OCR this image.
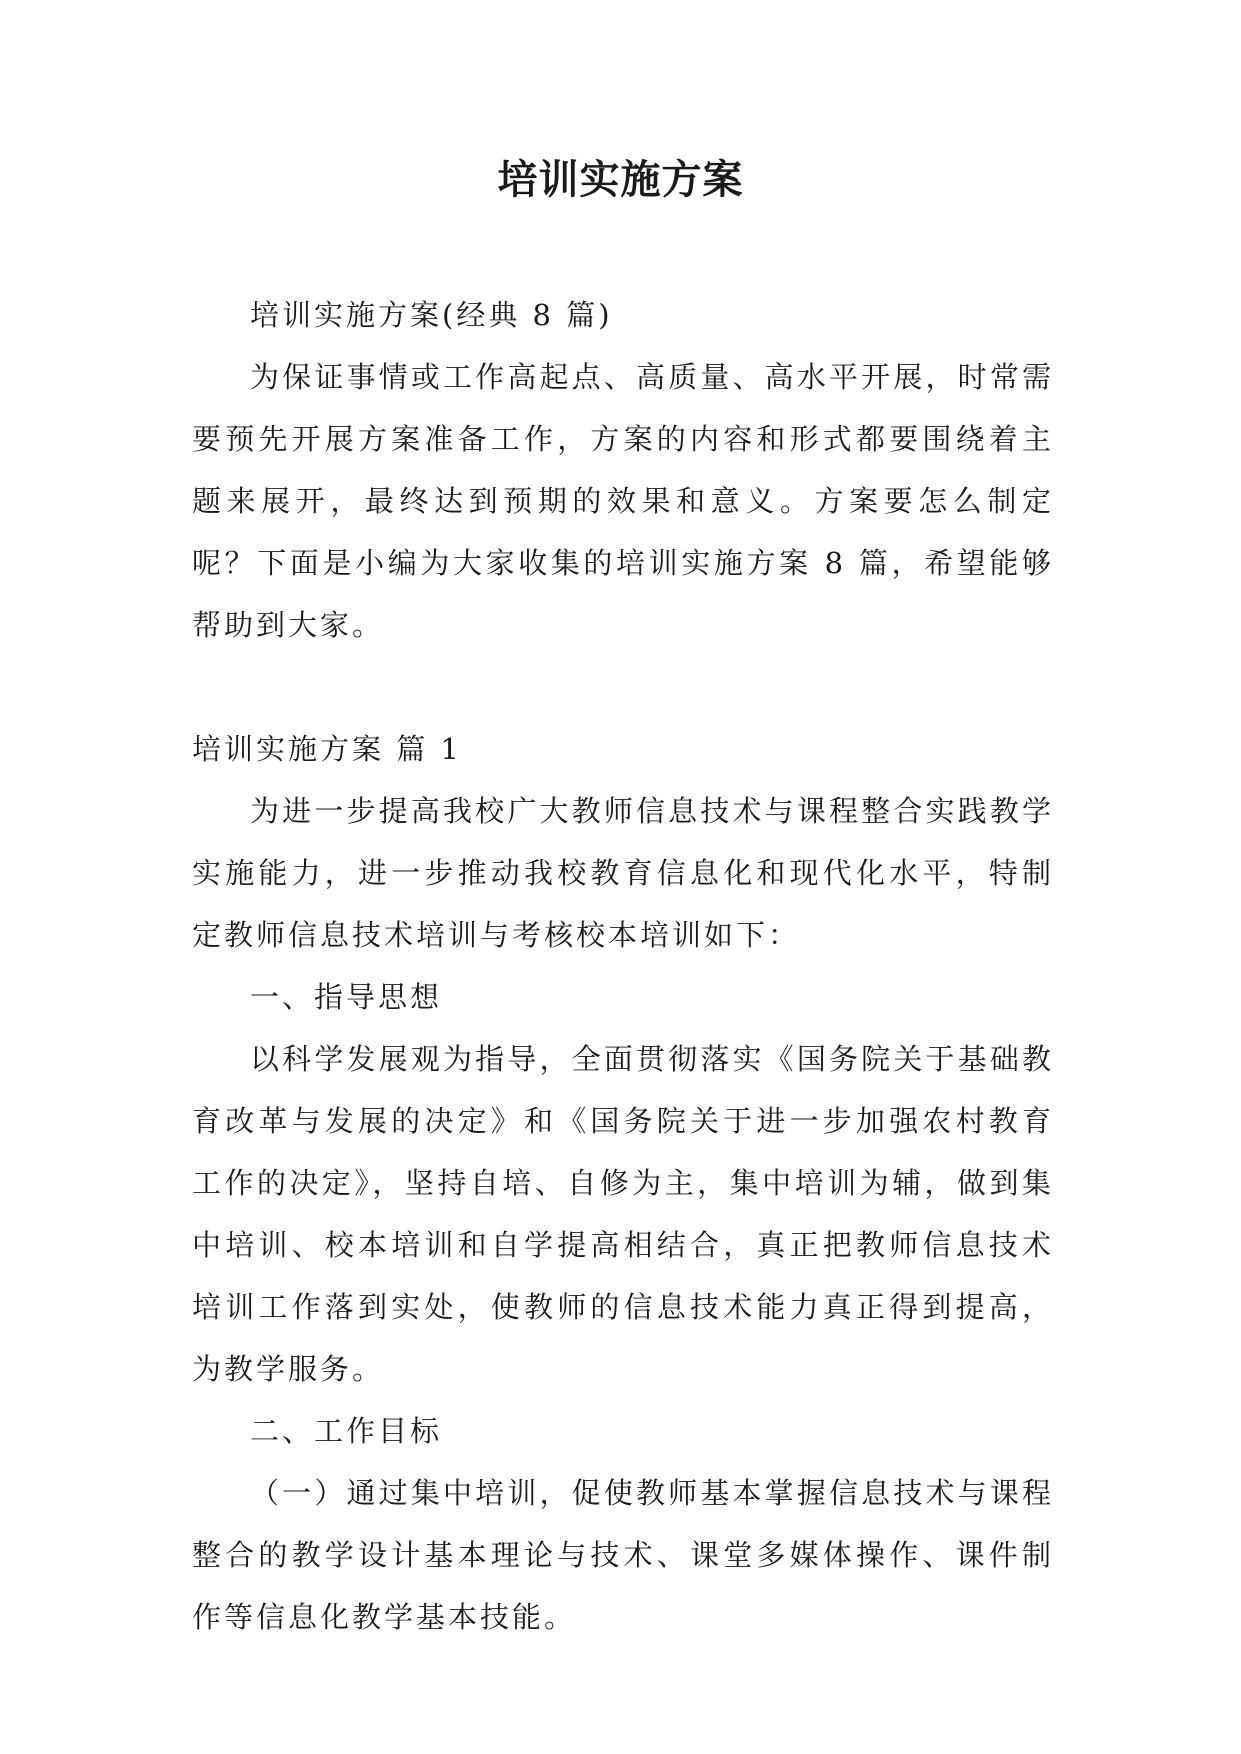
培训实施方案

培训实施方案(经典 8 篇)

为保证事情或工作高起点、高质量、高水平开展，时常需要预先开展方案准备工作，方案的内容和形式都要围绕着主题来展开，最终达到预期的效果和意义。方案要怎么制定呢？下面是小编为大家收集的培训实施方案 8 篇，希望能够帮助到大家。

培训实施方案 篇 1

为进一步提高我校广大教师信息技术与课程整合实践教学实施能力，进一步推动我校教育信息化和现代化水平，特制定教师信息技术培训与考核校本培训如下：

一、指导思想

以科学发展观为指导，全面贯彻落实《国务院关于基础教育改革与发展的决定》和《国务院关于进一步加强农村教育工作的决定》，坚持自培、自修为主，集中培训为辅，做到集中培训、校本培训和自学提高相结合，真正把教师信息技术培训工作落到实处，使教师的信息技术能力真正得到提高，为教学服务。

二、工作目标

（一）通过集中培训，促使教师基本掌握信息技术与课程整合的教学设计基本理论与技术、课堂多媒体操作、课件制作等信息化教学基本技能。
